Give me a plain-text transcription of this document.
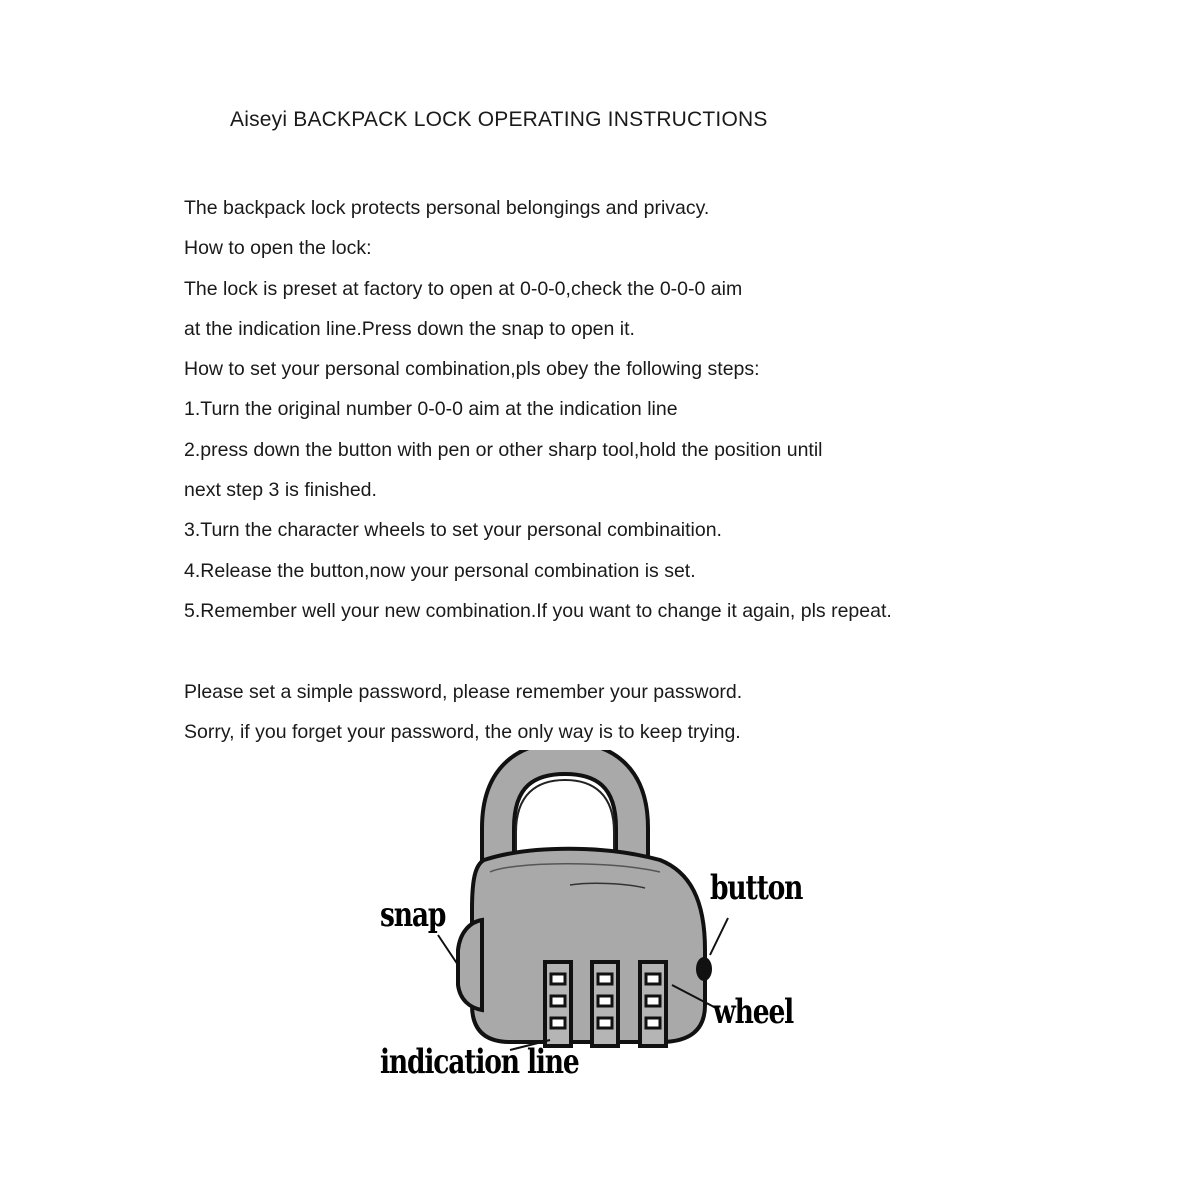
Aiseyi BACKPACK LOCK OPERATING INSTRUCTIONS
The backpack lock protects personal belongings and privacy.
How to open the lock:
The lock is preset at factory to open at 0-0-0,check the 0-0-0 aim
at the indication line.Press down the snap to open it.
How to set your personal combination,pls obey the following steps:
1.Turn the original number 0-0-0 aim at the indication line
2.press down the button with pen or other sharp tool,hold the position until
next step 3 is finished.
3.Turn the character wheels to set your personal combinaition.
4.Release the button,now your personal combination is set.
5.Remember well your new combination.If you want to change it again, pls repeat.
Please set a simple password, please remember your password.
Sorry, if you forget your password, the only way is to keep trying.
snap
button
wheel
indication line
